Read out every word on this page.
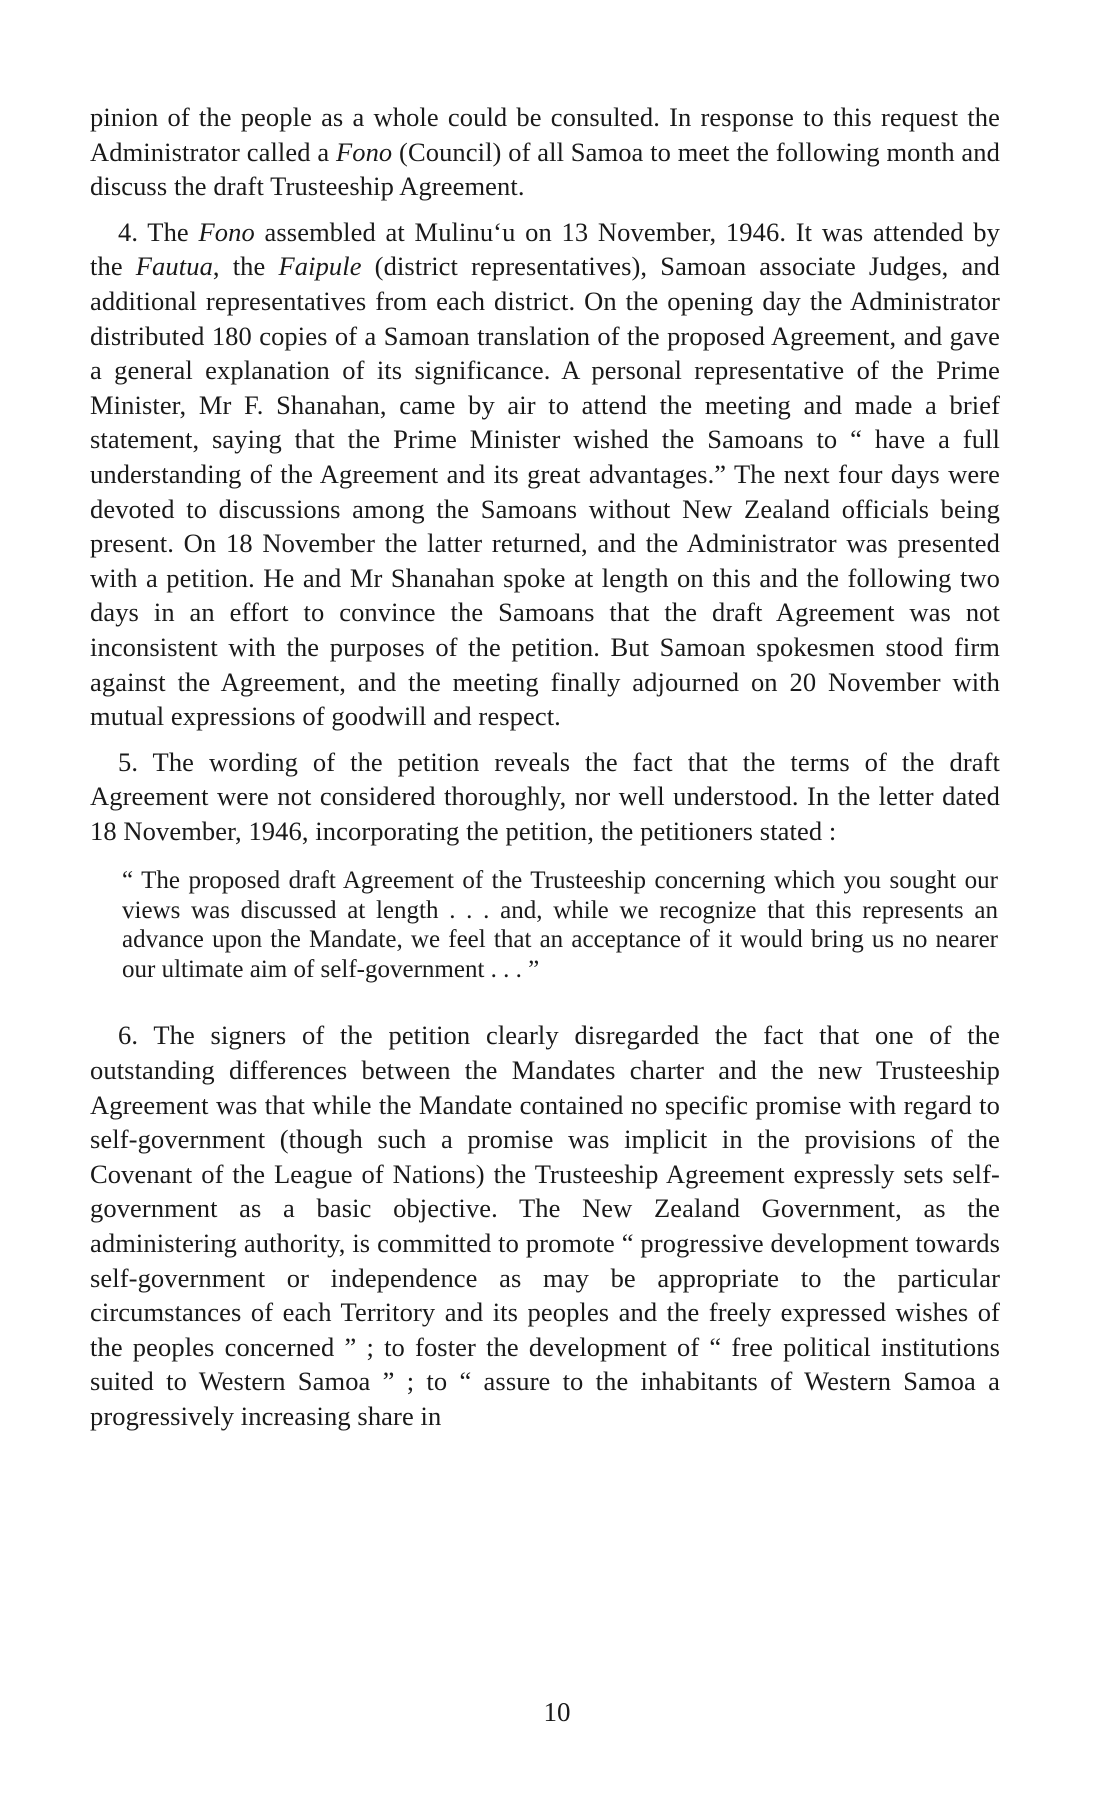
pinion of the people as a whole could be consulted. In response to this request the Administrator called a Fono (Council) of all Samoa to meet the following month and discuss the draft Trusteeship Agreement.

4. The Fono assembled at Mulinu‘u on 13 November, 1946. It was attended by the Fautua, the Faipule (district representatives), Samoan associate Judges, and additional representatives from each district. On the opening day the Administrator distributed 180 copies of a Samoan translation of the proposed Agreement, and gave a general explanation of its significance. A personal representative of the Prime Minister, Mr F. Shanahan, came by air to attend the meeting and made a brief statement, saying that the Prime Minister wished the Samoans to “ have a full understanding of the Agreement and its great advantages.” The next four days were devoted to discussions among the Samoans without New Zealand officials being present. On 18 November the latter returned, and the Administrator was presented with a petition. He and Mr Shanahan spoke at length on this and the following two days in an effort to convince the Samoans that the draft Agreement was not inconsistent with the purposes of the petition. But Samoan spokesmen stood firm against the Agreement, and the meeting finally adjourned on 20 November with mutual expressions of goodwill and respect.

5. The wording of the petition reveals the fact that the terms of the draft Agreement were not considered thoroughly, nor well understood. In the letter dated 18 November, 1946, incorporating the petition, the petitioners stated :

“ The proposed draft Agreement of the Trusteeship concerning which you sought our views was discussed at length . . . and, while we recognize that this represents an advance upon the Mandate, we feel that an acceptance of it would bring us no nearer our ultimate aim of self-government . . . ”

6. The signers of the petition clearly disregarded the fact that one of the outstanding differences between the Mandates charter and the new Trusteeship Agreement was that while the Mandate contained no specific promise with regard to self-government (though such a promise was implicit in the provisions of the Covenant of the League of Nations) the Trusteeship Agreement expressly sets self-government as a basic objective. The New Zealand Government, as the administering authority, is committed to promote “ progressive development towards self-government or independence as may be appropriate to the particular circumstances of each Territory and its peoples and the freely expressed wishes of the peoples concerned ” ; to foster the development of “ free political institutions suited to Western Samoa ” ; to “ assure to the inhabitants of Western Samoa a progressively increasing share in

10
